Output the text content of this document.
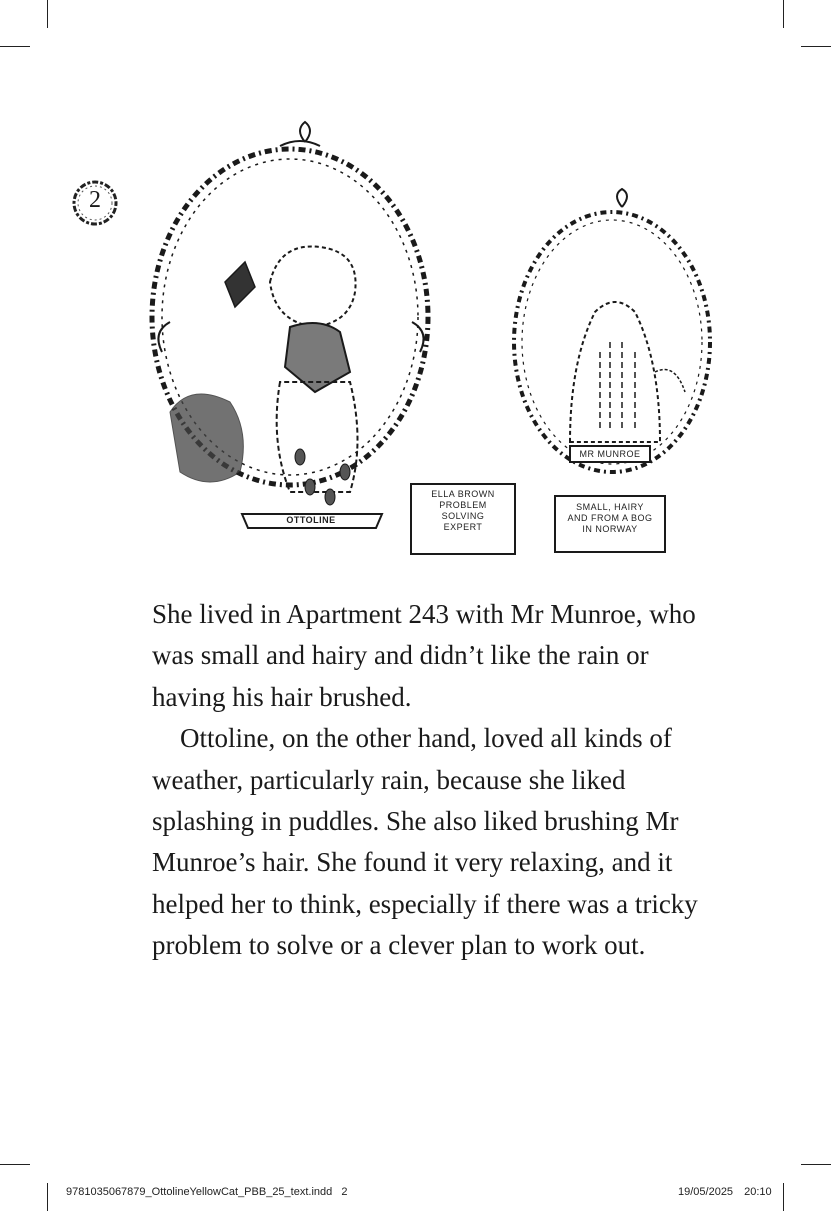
2
OTTOLINE
ELLA BROWN
PROBLEM
SOLVING
EXPERT
MR MUNROE
SMALL, HAIRY
AND FROM A BOG
IN NORWAY

She lived in Apartment 243 with Mr Munroe, who was small and hairy and didn’t like the rain or having his hair brushed.

Ottoline, on the other hand, loved all kinds of weather, particularly rain, because she liked splashing in puddles. She also liked brushing Mr Munroe’s hair. She found it very relaxing, and it helped her to think, especially if there was a tricky problem to solve or a clever plan to work out.

9781035067879_OttolineYellowCat_PBB_25_text.indd 2	19/05/2025 20:10
